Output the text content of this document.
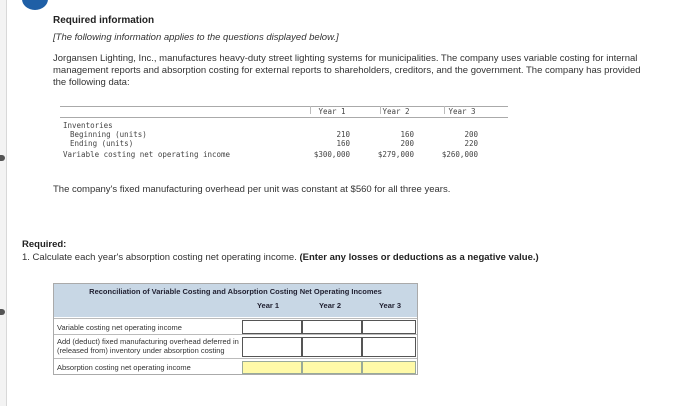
Required information
[The following information applies to the questions displayed below.]
Jorgansen Lighting, Inc., manufactures heavy-duty street lighting systems for municipalities. The company uses variable costing for internal management reports and absorption costing for external reports to shareholders, creditors, and the government. The company has provided the following data:
Year 1	Year 2	Year 3
Inventories
Beginning (units)	210	160	200
Ending (units)	160	200	220
Variable costing net operating income	$300,000	$279,000	$260,000
The company's fixed manufacturing overhead per unit was constant at $560 for all three years.
Required:
1. Calculate each year's absorption costing net operating income. (Enter any losses or deductions as a negative value.)
Reconciliation of Variable Costing and Absorption Costing Net Operating Incomes
Year 1	Year 2	Year 3
Variable costing net operating income
Add (deduct) fixed manufacturing overhead deferred in (released from) inventory under absorption costing
Absorption costing net operating income
